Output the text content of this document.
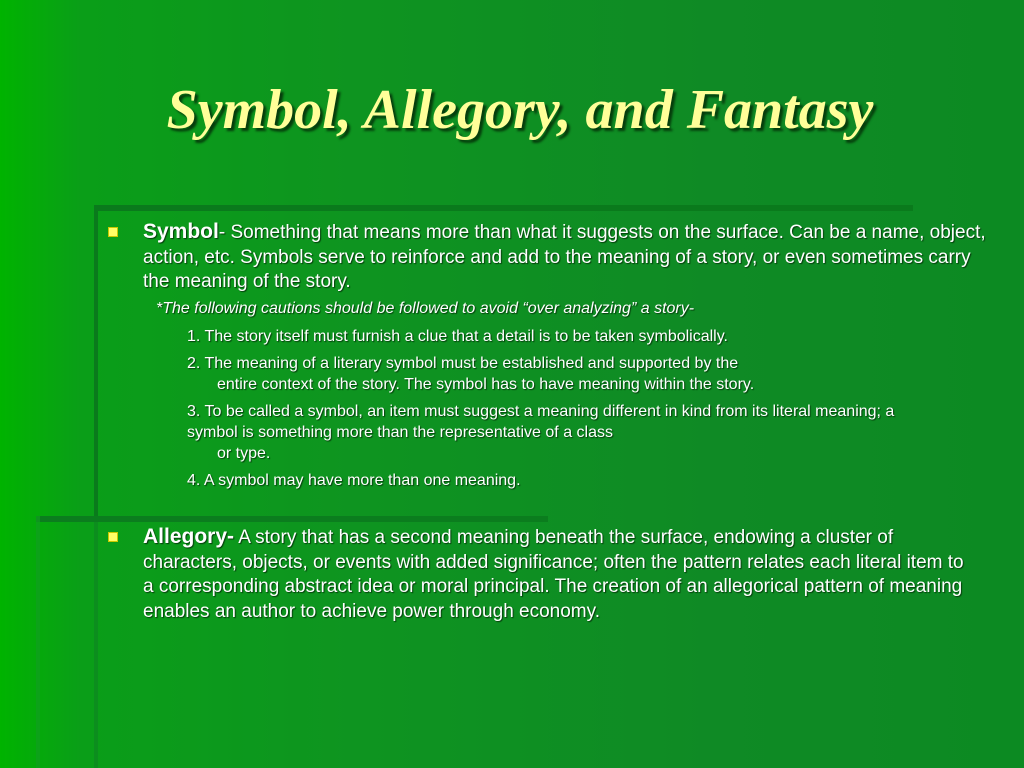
Symbol, Allegory, and Fantasy
Symbol- Something that means more than what it suggests on the surface. Can be a name, object, action, etc. Symbols serve to reinforce and add to the meaning of a story, or even sometimes carry the meaning of the story.
*The following cautions should be followed to avoid “over analyzing” a story-
1. The story itself must furnish a clue that a detail is to be taken symbolically.
2. The meaning of a literary symbol must be established and supported by the
entire context of the story. The symbol has to have meaning within the story.
3. To be called a symbol, an item must suggest a meaning different in kind from its literal meaning; a symbol is something more than the representative of a class
or type.
4. A symbol may have more than one meaning.
Allegory- A story that has a second meaning beneath the surface, endowing a cluster of characters, objects, or events with added significance; often the pattern relates each literal item to a corresponding abstract idea or moral principal. The creation of an allegorical pattern of meaning enables an author to achieve power through economy.
